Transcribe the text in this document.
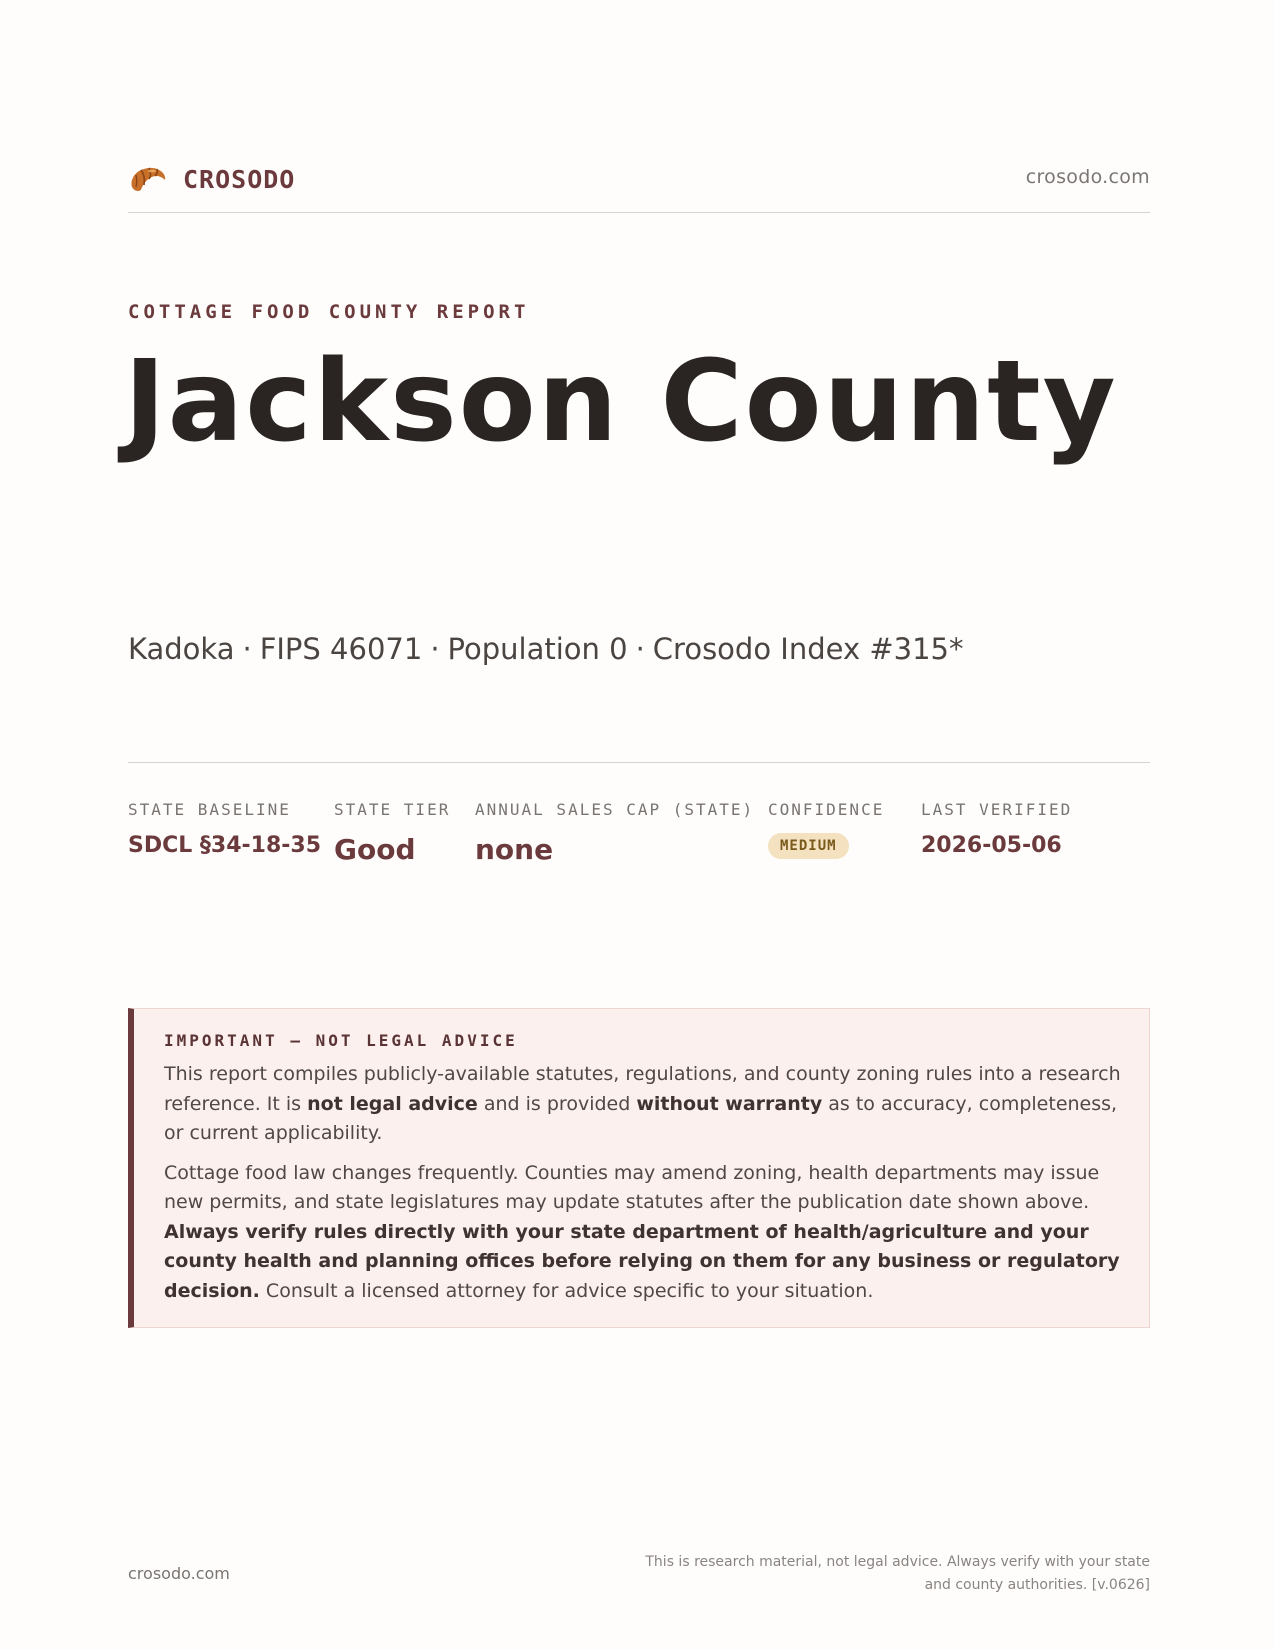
CROSODO	crosodo.com
COTTAGE FOOD COUNTY REPORT
Jackson County
Kadoka · FIPS 46071 · Population 0 · Crosodo Index #315*
STATE BASELINE
SDCL §34-18-35
STATE TIER
Good
ANNUAL SALES CAP (STATE)
none
CONFIDENCE
MEDIUM
LAST VERIFIED
2026-05-06
IMPORTANT — NOT LEGAL ADVICE

This report compiles publicly-available statutes, regulations, and county zoning rules into a research reference. It is not legal advice and is provided without warranty as to accuracy, completeness, or current applicability.

Cottage food law changes frequently. Counties may amend zoning, health departments may issue new permits, and state legislatures may update statutes after the publication date shown above. Always verify rules directly with your state department of health/agriculture and your county health and planning offices before relying on them for any business or regulatory decision. Consult a licensed attorney for advice specific to your situation.

crosodo.com
This is research material, not legal advice. Always verify with your state
and county authorities. [v.0626]
